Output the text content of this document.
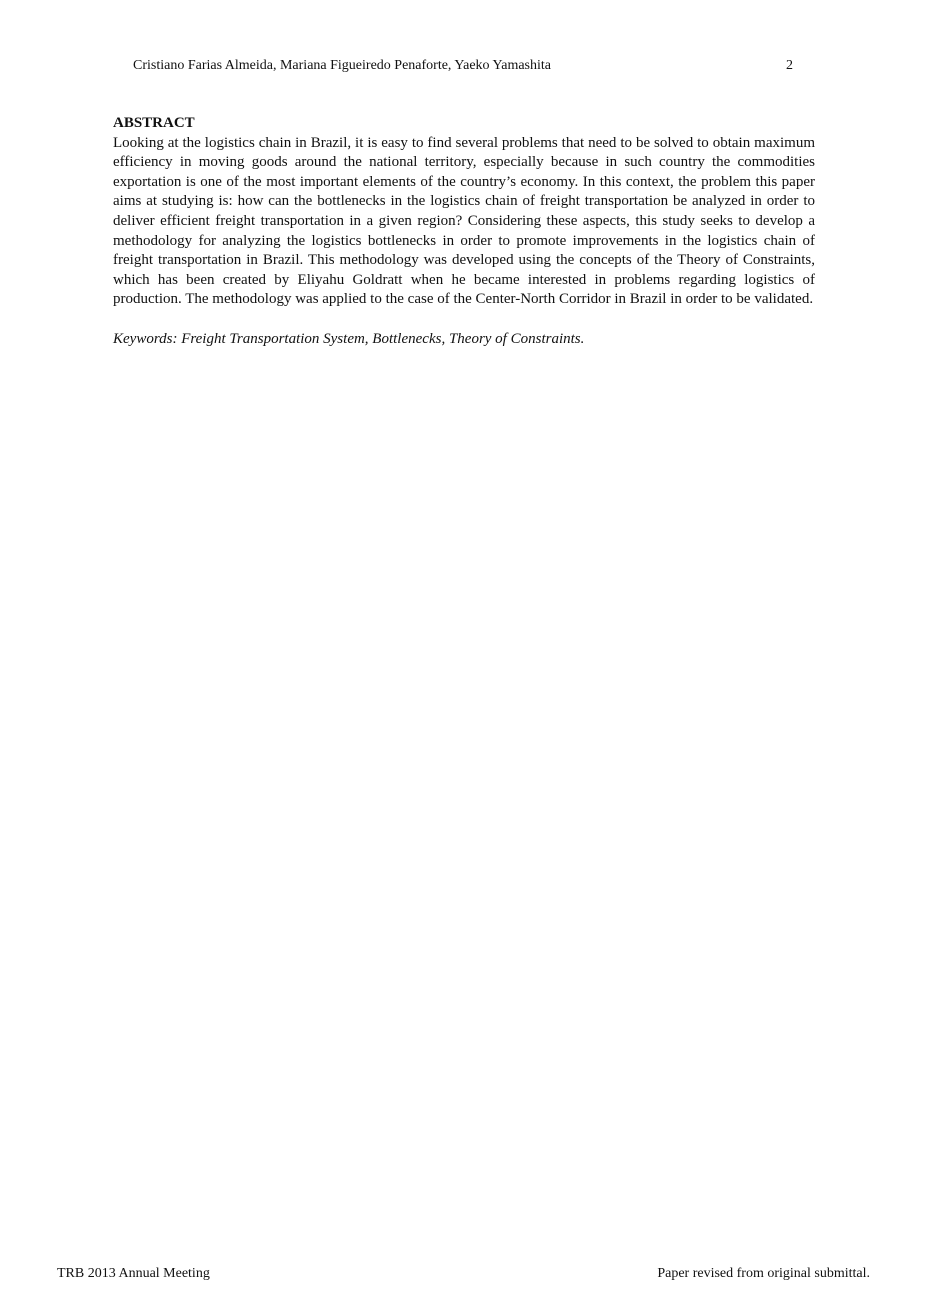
Cristiano Farias Almeida, Mariana Figueiredo Penaforte, Yaeko Yamashita	2

ABSTRACT

Looking at the logistics chain in Brazil, it is easy to find several problems that need to be solved to obtain maximum efficiency in moving goods around the national territory, especially because in such country the commodities exportation is one of the most important elements of the country’s economy. In this context, the problem this paper aims at studying is: how can the bottlenecks in the logistics chain of freight transportation be analyzed in order to deliver efficient freight transportation in a given region? Considering these aspects, this study seeks to develop a methodology for analyzing the logistics bottlenecks in order to promote improvements in the logistics chain of freight transportation in Brazil. This methodology was developed using the concepts of the Theory of Constraints, which has been created by Eliyahu Goldratt when he became interested in problems regarding logistics of production. The methodology was applied to the case of the Center-North Corridor in Brazil in order to be validated.

Keywords: Freight Transportation System, Bottlenecks, Theory of Constraints.

TRB 2013 Annual Meeting	Paper revised from original submittal.
